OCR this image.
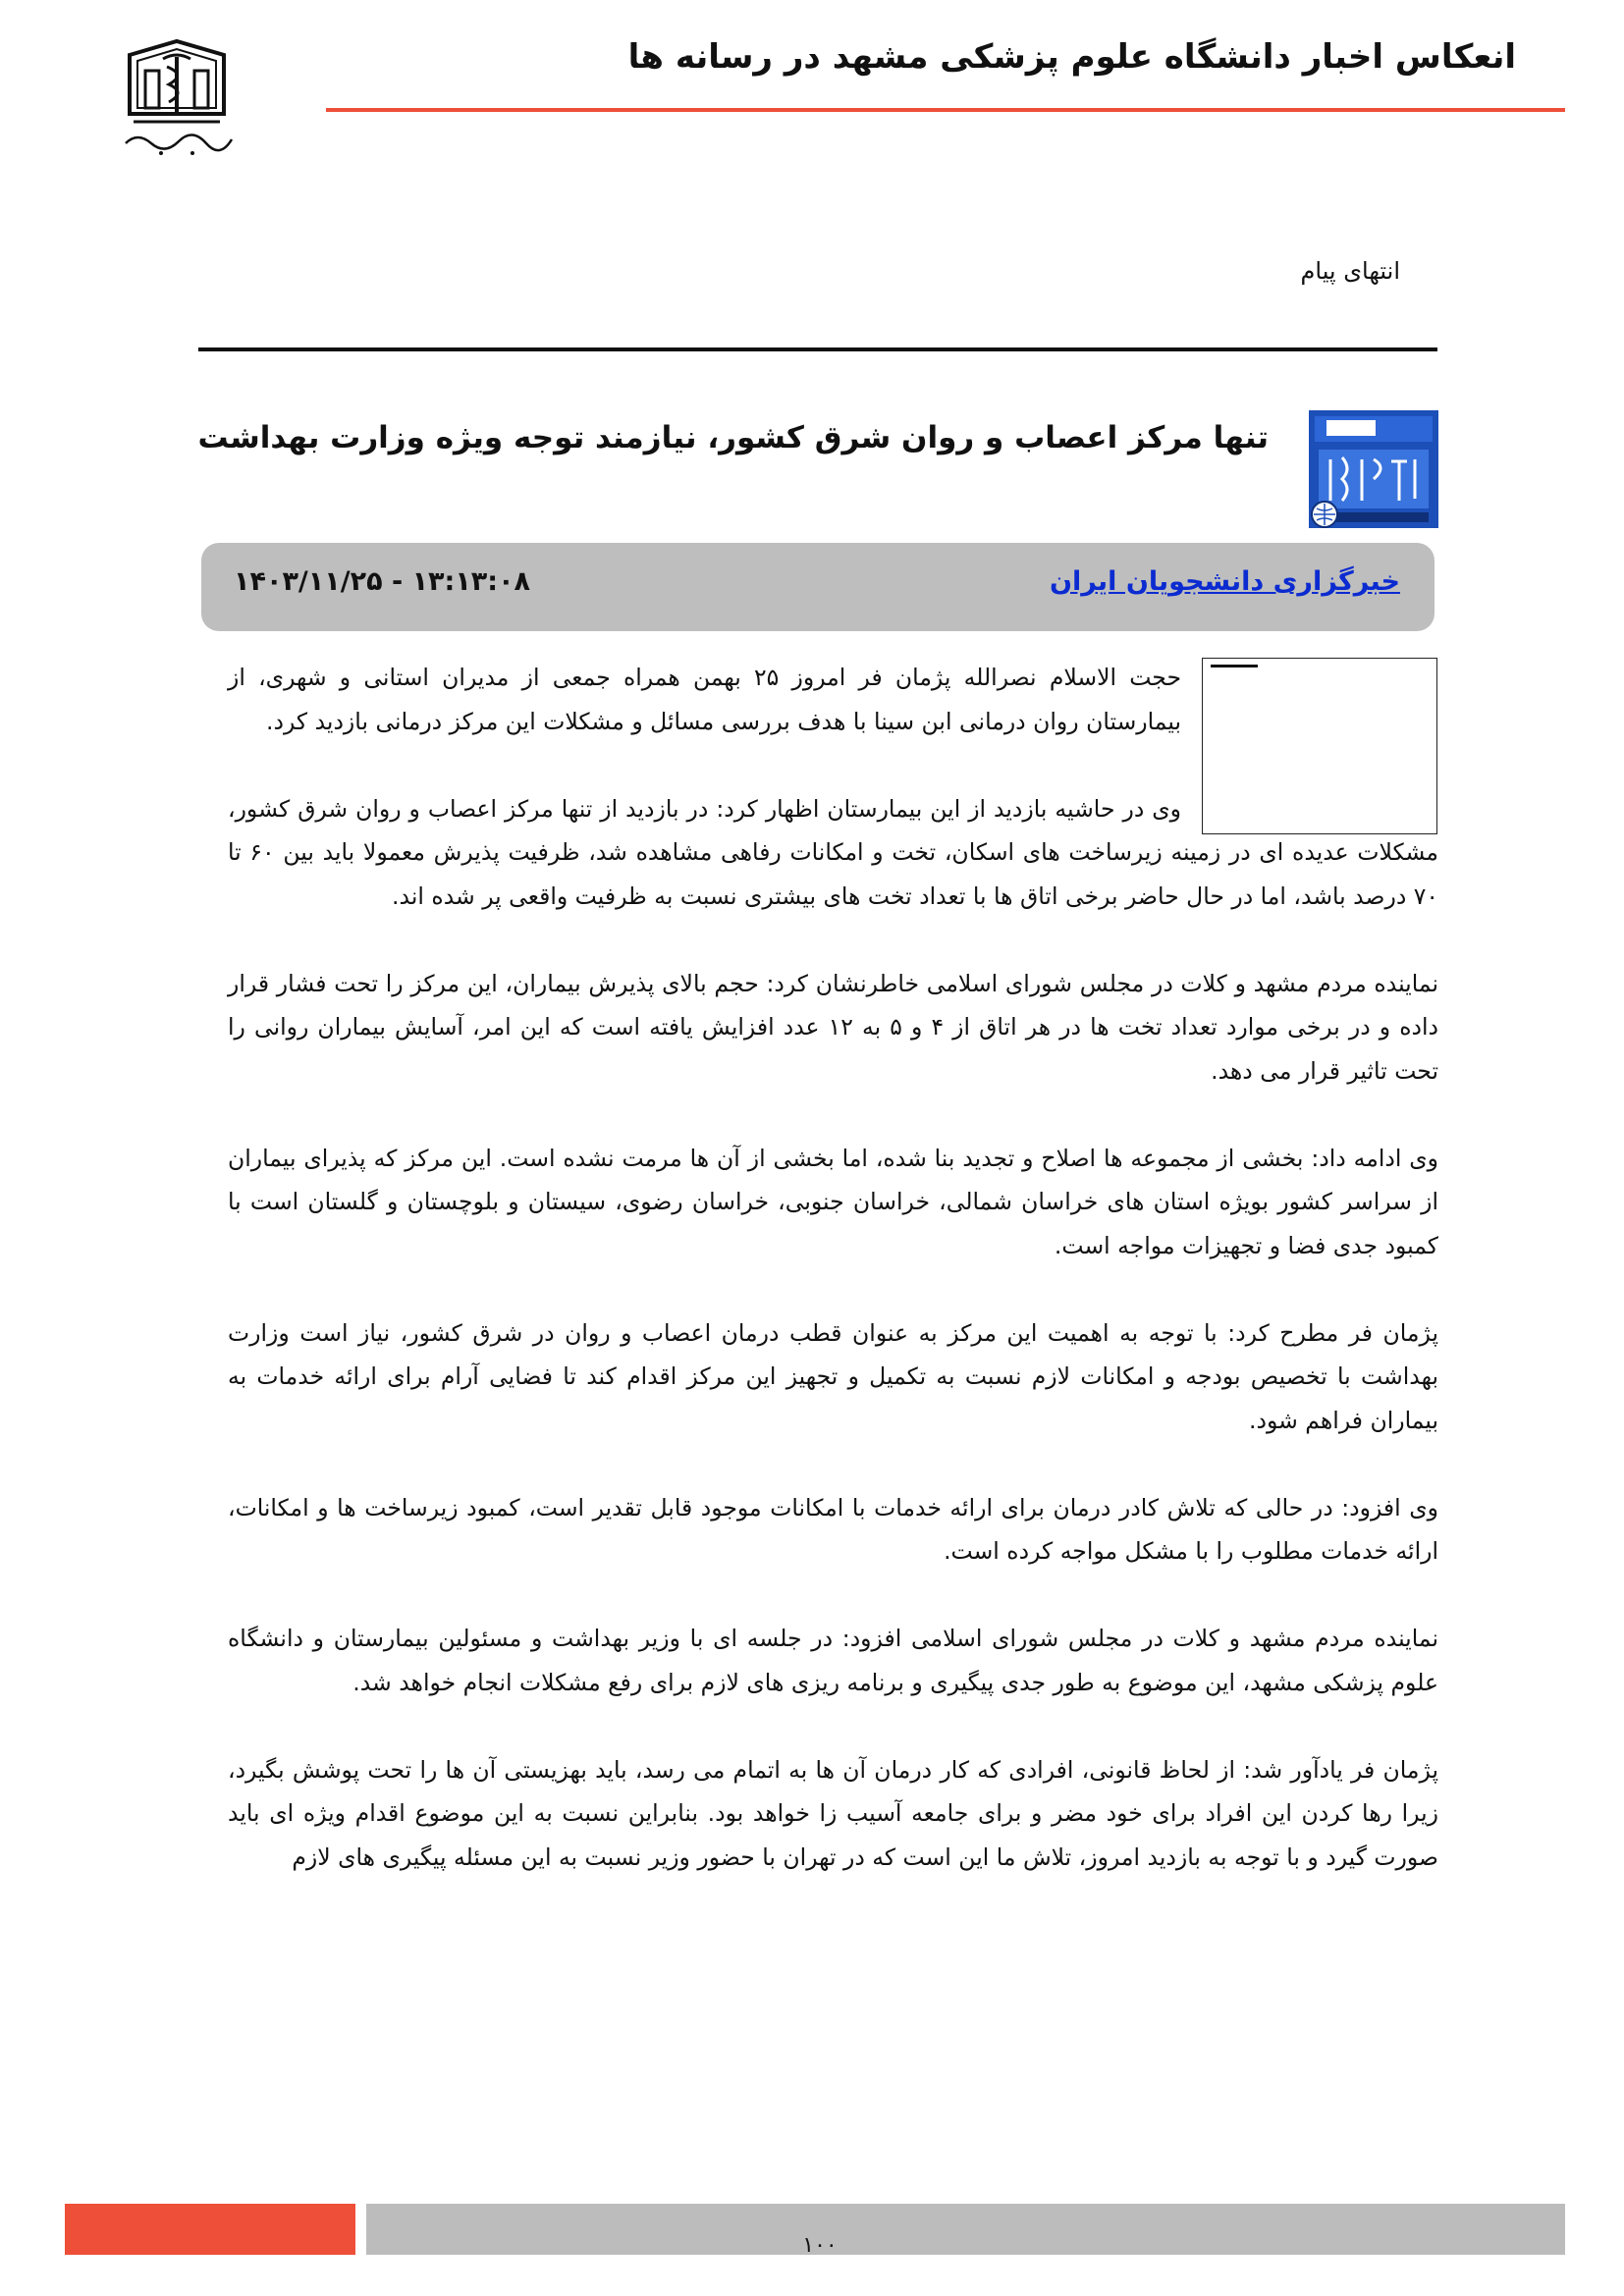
انعکاس اخبار دانشگاه علوم پزشکی مشهد در رسانه ها
انتهای پیام
تنها مرکز اعصاب و روان شرق کشور، نیازمند توجه ویژه وزارت بهداشت
خبرگزاری دانشجویان ایران
۱۴۰۳/۱۱/۲۵ - ۱۳:۱۳:۰۸

حجت الاسلام نصرالله پژمان فر امروز ۲۵ بهمن همراه جمعی از مدیران استانی و شهری، از بیمارستان روان درمانی ابن سینا با هدف بررسی مسائل و مشکلات این مرکز درمانی بازدید کرد.

وی در حاشیه بازدید از این بیمارستان اظهار کرد: در بازدید از تنها مرکز اعصاب و روان شرق کشور، مشکلات عدیده ای در زمینه زیرساخت های اسکان، تخت و امکانات رفاهی مشاهده شد، ظرفیت پذیرش معمولا باید بین ۶۰ تا ۷۰ درصد باشد، اما در حال حاضر برخی اتاق ها با تعداد تخت های بیشتری نسبت به ظرفیت واقعی پر شده اند.

نماینده مردم مشهد و کلات در مجلس شورای اسلامی خاطرنشان کرد: حجم بالای پذیرش بیماران، این مرکز را تحت فشار قرار داده و در برخی موارد تعداد تخت ها در هر اتاق از ۴ و ۵ به ۱۲ عدد افزایش یافته است که این امر، آسایش بیماران روانی را تحت تاثیر قرار می دهد.

وی ادامه داد: بخشی از مجموعه ها اصلاح و تجدید بنا شده، اما بخشی از آن ها مرمت نشده است. این مرکز که پذیرای بیماران از سراسر کشور بویژه استان های خراسان شمالی، خراسان جنوبی، خراسان رضوی، سیستان و بلوچستان و گلستان است با کمبود جدی فضا و تجهیزات مواجه است.

پژمان فر مطرح کرد: با توجه به اهمیت این مرکز به عنوان قطب درمان اعصاب و روان در شرق کشور، نیاز است وزارت بهداشت با تخصیص بودجه و امکانات لازم نسبت به تکمیل و تجهیز این مرکز اقدام کند تا فضایی آرام برای ارائه خدمات به بیماران فراهم شود.

وی افزود: در حالی که تلاش کادر درمان برای ارائه خدمات با امکانات موجود قابل تقدیر است، کمبود زیرساخت ها و امکانات، ارائه خدمات مطلوب را با مشکل مواجه کرده است.

نماینده مردم مشهد و کلات در مجلس شورای اسلامی افزود: در جلسه ای با وزیر بهداشت و مسئولین بیمارستان و دانشگاه علوم پزشکی مشهد، این موضوع به طور جدی پیگیری و برنامه ریزی های لازم برای رفع مشکلات انجام خواهد شد.

پژمان فر یادآور شد: از لحاظ قانونی، افرادی که کار درمان آن ها به اتمام می رسد، باید بهزیستی آن ها را تحت پوشش بگیرد، زیرا رها کردن این افراد برای خود مضر و برای جامعه آسیب زا خواهد بود. بنابراین نسبت به این موضوع اقدام ویژه ای باید صورت گیرد و با توجه به بازدید امروز، تلاش ما این است که در تهران با حضور وزیر نسبت به این مسئله پیگیری های لازم

۱۰۰
